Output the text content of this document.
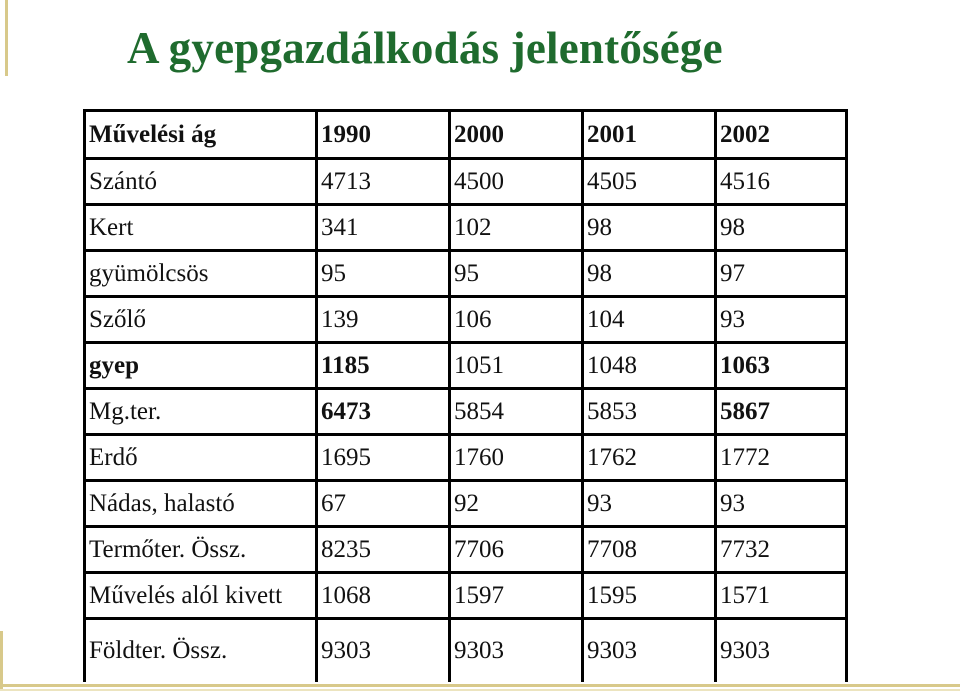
A gyepgazdálkodás jelentősége
Művelési ág	1990	2000	2001	2002
Szántó	4713	4500	4505	4516
Kert	341	102	98	98
gyümölcsös	95	95	98	97
Szőlő	139	106	104	93
gyep	1185	1051	1048	1063
Mg.ter.	6473	5854	5853	5867
Erdő	1695	1760	1762	1772
Nádas, halastó	67	92	93	93
Termőter. Össz.	8235	7706	7708	7732
Művelés alól kivett	1068	1597	1595	1571
Földter. Össz.	9303	9303	9303	9303
